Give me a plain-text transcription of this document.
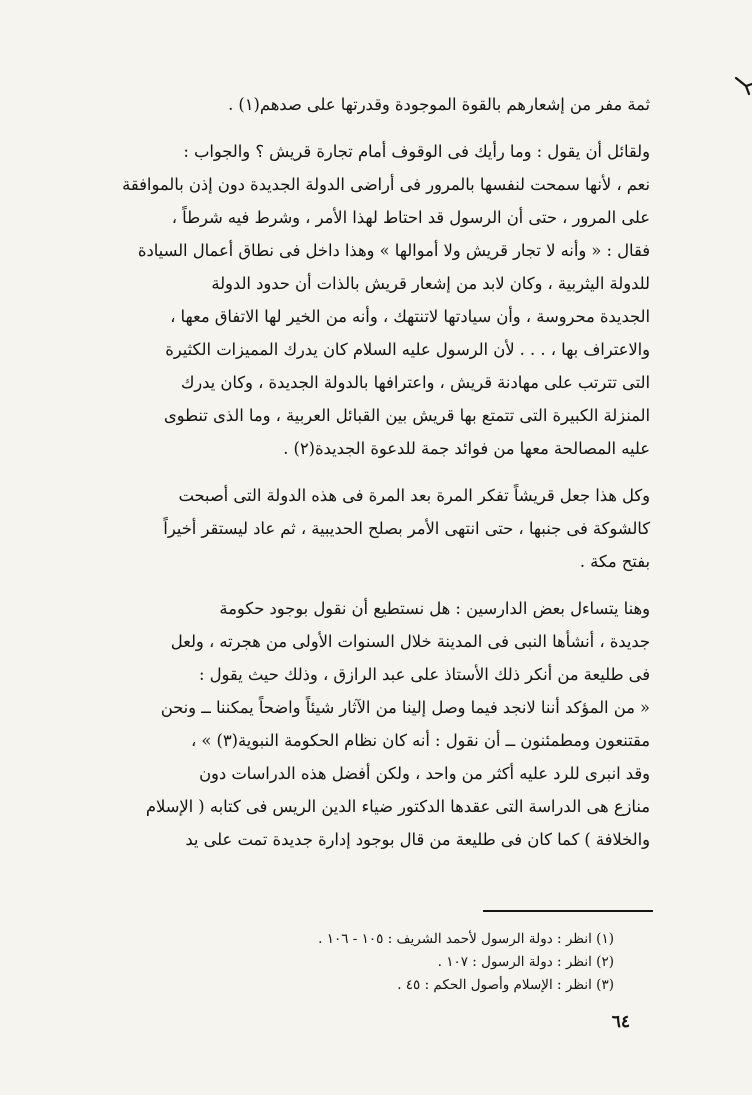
ثمة مفر من إشعارهم بالقوة الموجودة وقدرتها على صدهم(١) .

ولقائل أن يقول : وما رأيك فى الوقوف أمام تجارة قريش ؟ والجواب :

نعم ، لأنها سمحت لنفسها بالمرور فى أراضى الدولة الجديدة دون إذن بالموافقة

على المرور ، حتى أن الرسول قد احتاط لهذا الأمر ، وشرط فيه شرطاً ،

فقال : « وأنه لا تجار قريش ولا أموالها » وهذا داخل فى نطاق أعمال السيادة

للدولة اليثربية ، وكان لابد من إشعار قريش بالذات أن حدود الدولة

الجديدة محروسة ، وأن سيادتها لاتنتهك ، وأنه من الخير لها الاتفاق معها ،

والاعتراف بها ، . . . لأن الرسول عليه السلام كان يدرك المميزات الكثيرة

التى تترتب على مهادنة قريش ، واعترافها بالدولة الجديدة ، وكان يدرك

المنزلة الكبيرة التى تتمتع بها قريش بين القبائل العربية ، وما الذى تنطوى

عليه المصالحة معها من فوائد جمة للدعوة الجديدة(٢) .

وكل هذا جعل قريشاً تفكر المرة بعد المرة فى هذه الدولة التى أصبحت

كالشوكة فى جنبها ، حتى انتهى الأمر بصلح الحديبية ، ثم عاد ليستقر أخيراً

بفتح مكة .

وهنا يتساءل بعض الدارسين : هل نستطيع أن نقول بوجود حكومة

جديدة ، أنشأها النبى فى المدينة خلال السنوات الأولى من هجرته ، ولعل

فى طليعة من أنكر ذلك الأستاذ على عبد الرازق ، وذلك حيث يقول :

« من المؤكد أننا لانجد فيما وصل إلينا من الآثار شيئاً واضحاً يمكننا ــ ونحن

مقتنعون ومطمئنون ــ أن نقول : أنه كان نظام الحكومة النبوية(٣) » ،

وقد انبرى للرد عليه أكثر من واحد ، ولكن أفضل هذه الدراسات دون

منازع هى الدراسة التى عقدها الدكتور ضياء الدين الريس فى كتابه ( الإسلام

والخلافة ) كما كان فى طليعة من قال بوجود إدارة جديدة تمت على يد

(١) انظر : دولة الرسول لأحمد الشريف : ١٠٥ - ١٠٦ .

(٢) انظر : دولة الرسول : ١٠٧ .

(٣) انظر : الإسلام وأصول الحكم : ٤٥ .

٦٤
